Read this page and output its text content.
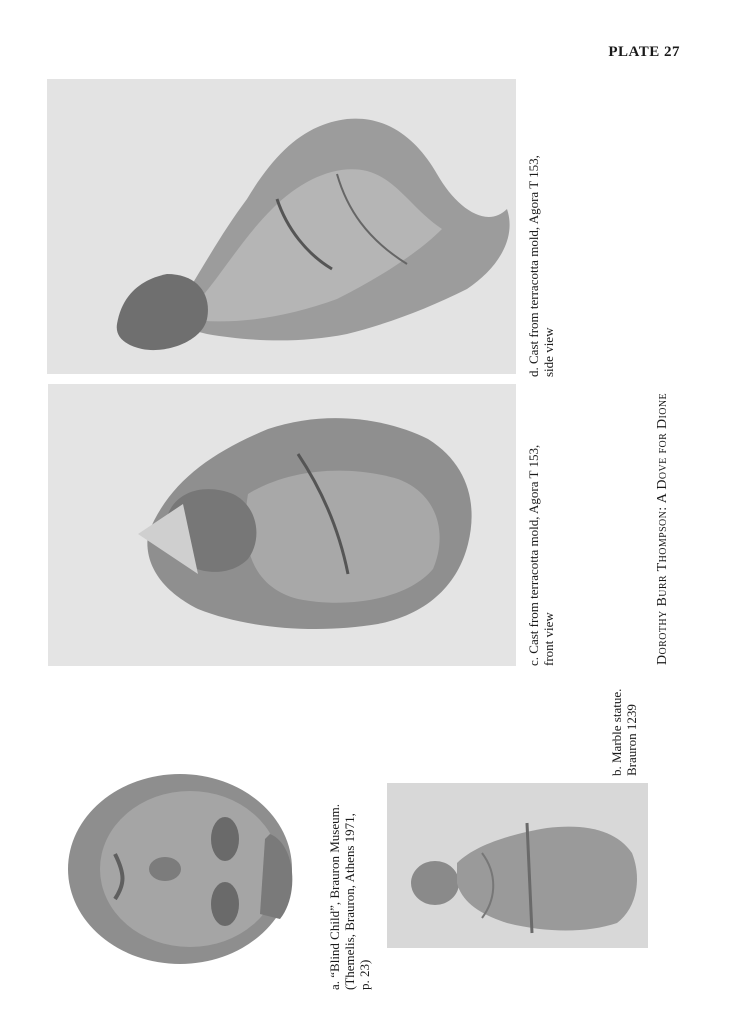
PLATE 27
a. “Blind Child”, Brauron Museum. (Themelis, Brauron, Athens 1971, p. 23)
b. Marble statue. Brauron 1239
c. Cast from terracotta mold, Agora T 153, front view
d. Cast from terracotta mold, Agora T 153, side view
Dorothy Burr Thompson: A Dove for Dione
